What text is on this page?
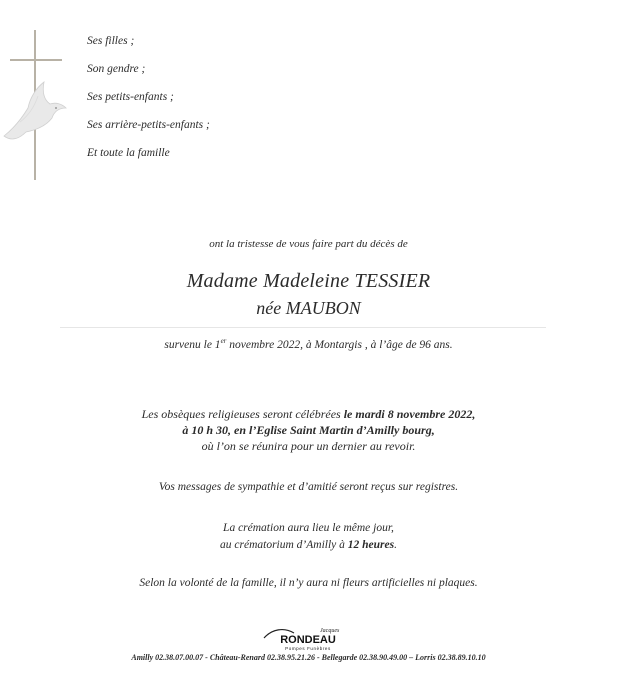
Ses filles ;
Son gendre ;
Ses petits-enfants ;
Ses arrière-petits-enfants ;
Et toute la famille
ont la tristesse de vous faire part du décès de
Madame Madeleine TESSIER
née MAUBON
survenu le 1er novembre 2022, à Montargis , à l’âge de 96 ans.
Les obsèques religieuses seront célébrées le mardi 8 novembre 2022,
à 10 h 30, en l’Eglise Saint Martin d’Amilly bourg,
où l’on se réunira pour un dernier au revoir.
Vos messages de sympathie et d’amitié seront reçus sur registres.
La crémation aura lieu le même jour,
au crématorium d’Amilly à 12 heures.
Selon la volonté de la famille, il n’y aura ni fleurs artificielles ni plaques.
Jacques
RONDEAU
Pompes Funèbres
Amilly 02.38.07.00.07 - Château-Renard 02.38.95.21.26 - Bellegarde 02.38.90.49.00 – Lorris 02.38.89.10.10
